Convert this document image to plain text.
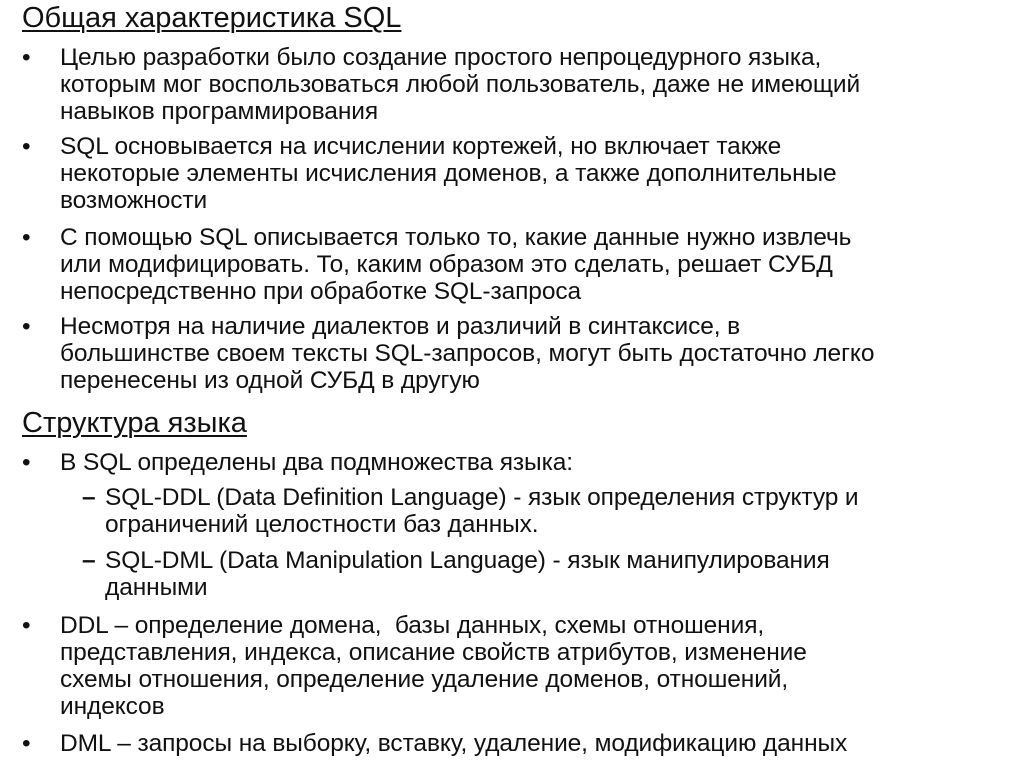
Общая характеристика SQL
• Целью разработки было создание простого непроцедурного языка,
которым мог воспользоваться любой пользователь, даже не имеющий
навыков программирования
• SQL основывается на исчислении кортежей, но включает также
некоторые элементы исчисления доменов, а также дополнительные
возможности
• С помощью SQL описывается только то, какие данные нужно извлечь
или модифицировать. То, каким образом это сделать, решает СУБД
непосредственно при обработке SQL-запроса
• Несмотря на наличие диалектов и различий в синтаксисе, в
большинстве своем тексты SQL-запросов, могут быть достаточно легко
перенесены из одной СУБД в другую
Структура языка
• В SQL определены два подмножества языка:
– SQL-DDL (Data Definition Language) - язык определения структур и
ограничений целостности баз данных.
– SQL-DML (Data Manipulation Language) - язык манипулирования
данными
• DDL – определение домена,  базы данных, схемы отношения,
представления, индекса, описание свойств атрибутов, изменение
схемы отношения, определение удаление доменов, отношений,
индексов
• DML – запросы на выборку, вставку, удаление, модификацию данных
